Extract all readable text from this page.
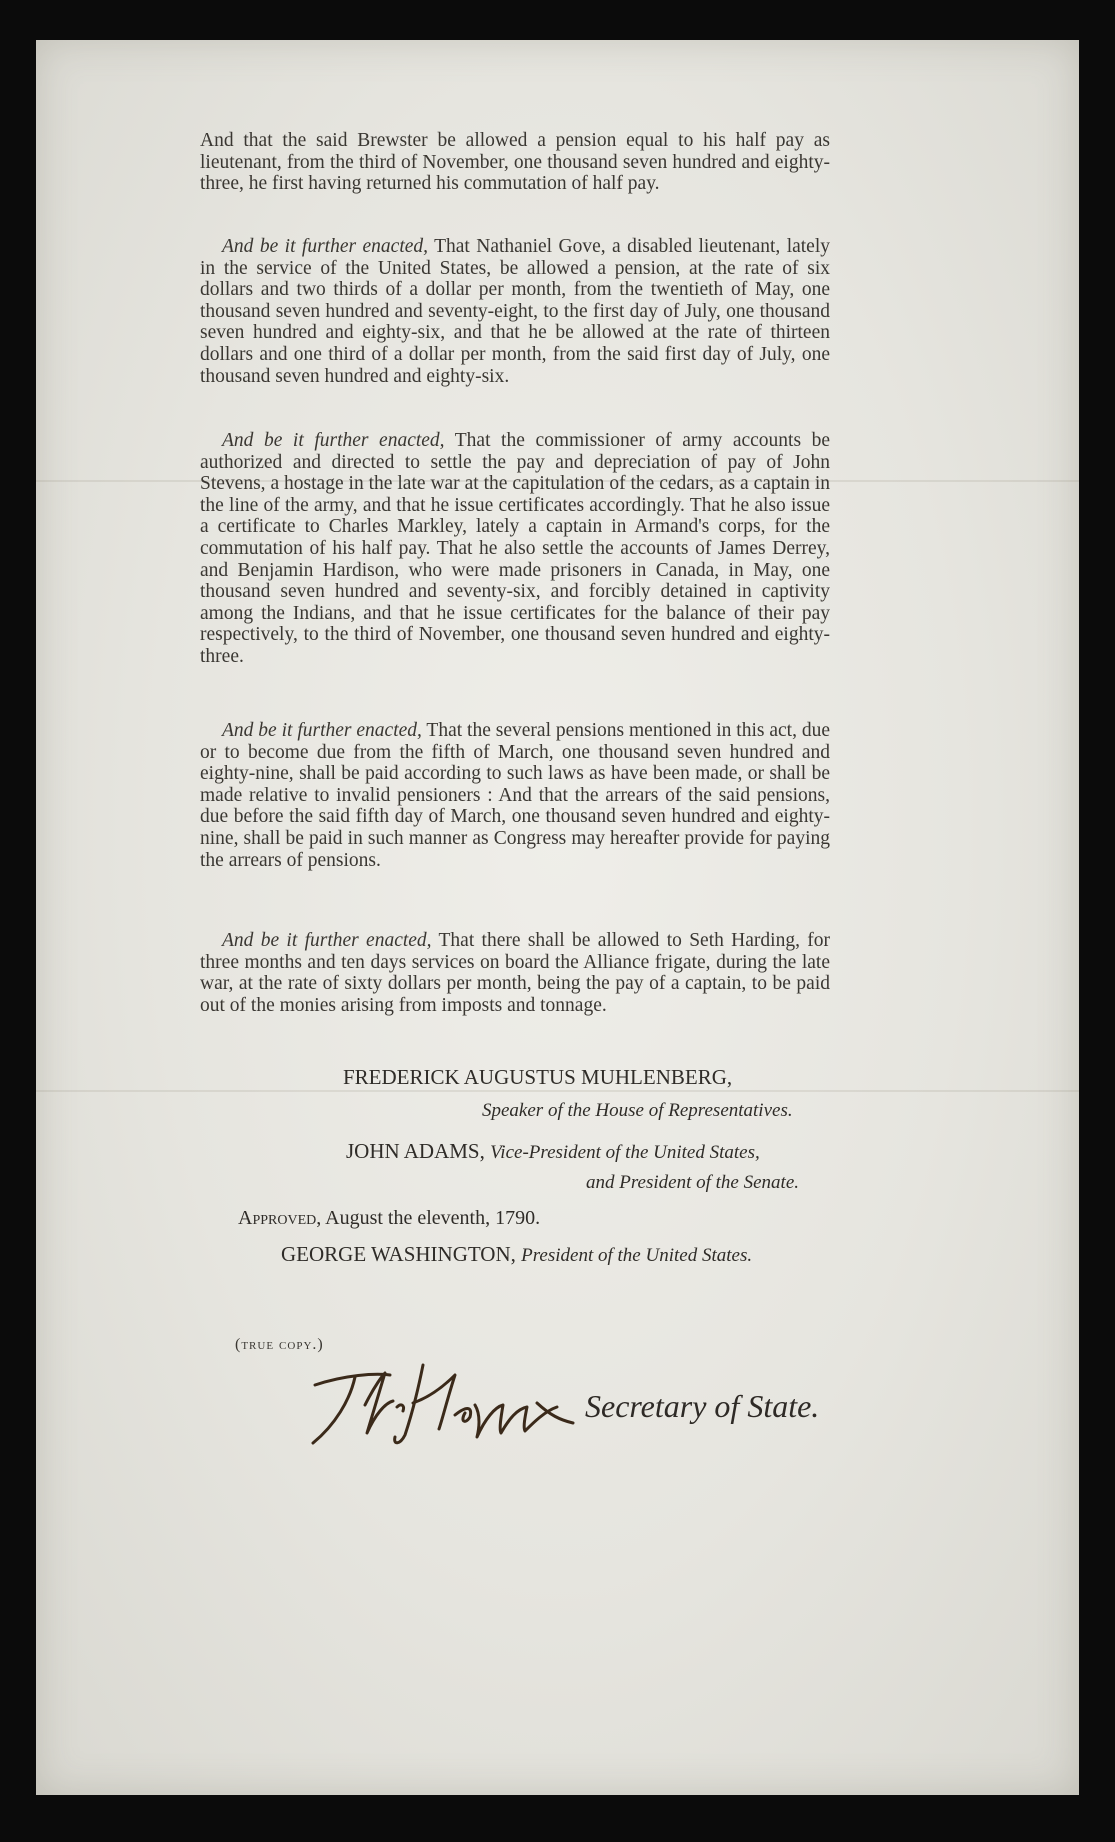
And that the said Brewster be allowed a pension equal to his half pay as lieutenant, from the third of November, one thousand seven hundred and eighty-three, he first having returned his commutation of half pay.

And be it further enacted, That Nathaniel Gove, a disabled lieutenant, lately in the service of the United States, be allowed a pension, at the rate of six dollars and two thirds of a dollar per month, from the twentieth of May, one thousand seven hundred and seventy-eight, to the first day of July, one thousand seven hundred and eighty-six, and that he be allowed at the rate of thirteen dollars and one third of a dollar per month, from the said first day of July, one thousand seven hundred and eighty-six.

And be it further enacted, That the commissioner of army accounts be authorized and directed to settle the pay and depreciation of pay of John Stevens, a hostage in the late war at the capitulation of the cedars, as a captain in the line of the army, and that he issue certificates accordingly. That he also issue a certificate to Charles Markley, lately a captain in Armand's corps, for the commutation of his half pay. That he also settle the accounts of James Derrey, and Benjamin Hardison, who were made prisoners in Canada, in May, one thousand seven hundred and seventy-six, and forcibly detained in captivity among the Indians, and that he issue certificates for the balance of their pay respectively, to the third of November, one thousand seven hundred and eighty-three.

And be it further enacted, That the several pensions mentioned in this act, due or to become due from the fifth of March, one thousand seven hundred and eighty-nine, shall be paid according to such laws as have been made, or shall be made relative to invalid pensioners : And that the arrears of the said pensions, due before the said fifth day of March, one thousand seven hundred and eighty-nine, shall be paid in such manner as Congress may hereafter provide for paying the arrears of pensions.

And be it further enacted, That there shall be allowed to Seth Harding, for three months and ten days services on board the Alliance frigate, during the late war, at the rate of sixty dollars per month, being the pay of a captain, to be paid out of the monies arising from imposts and tonnage.

FREDERICK AUGUSTUS MUHLENBERG,
Speaker of the House of Representatives.
JOHN ADAMS, Vice-President of the United States,
and President of the Senate.
Approved, August the eleventh, 1790.
GEORGE WASHINGTON, President of the United States.
(true copy.)
Secretary of State.
